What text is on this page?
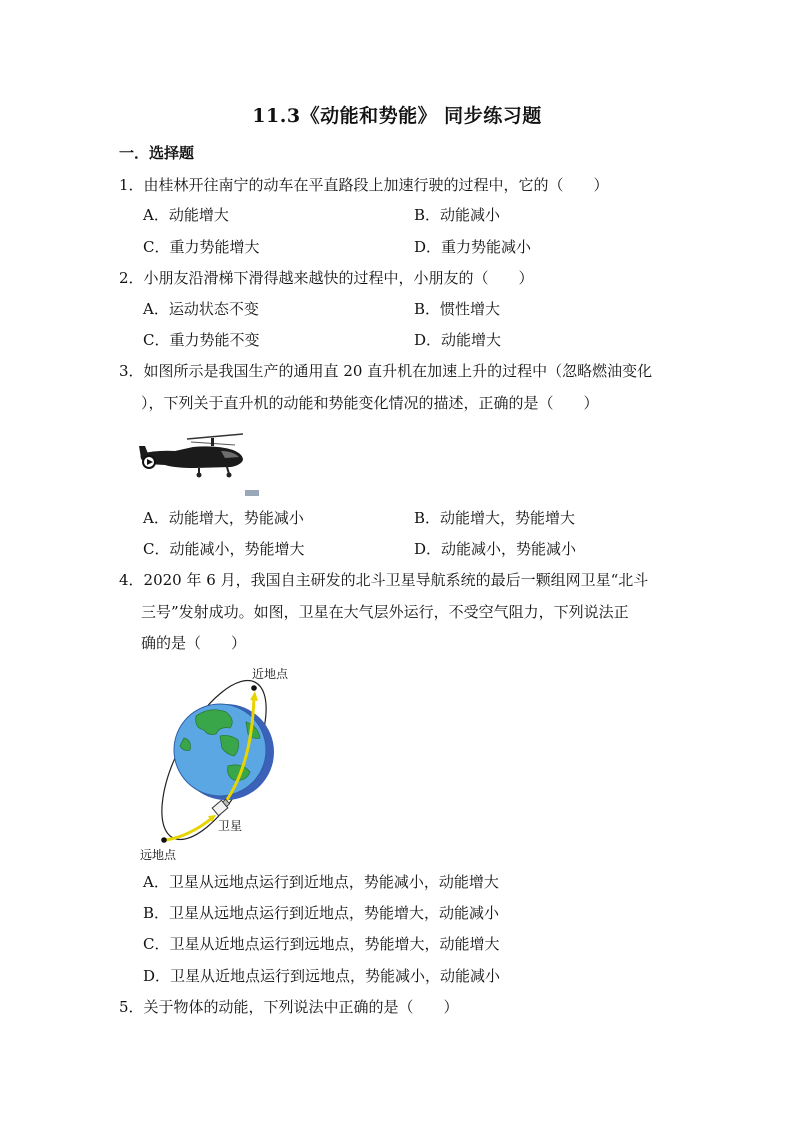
11.3《动能和势能》 同步练习题
一．选择题
1．由桂林开往南宁的动车在平直路段上加速行驶的过程中，它的（　　）
A．动能增大	B．动能减小
C．重力势能增大	D．重力势能减小
2．小朋友沿滑梯下滑得越来越快的过程中，小朋友的（　　）
A．运动状态不变	B．惯性增大
C．重力势能不变	D．动能增大
3．如图所示是我国生产的通用直 20 直升机在加速上升的过程中（忽略燃油变化
），下列关于直升机的动能和势能变化情况的描述，正确的是（　　）
A．动能增大，势能减小	B．动能增大，势能增大
C．动能减小，势能增大	D．动能减小，势能减小
4．2020 年 6 月，我国自主研发的北斗卫星导航系统的最后一颗组网卫星“北斗
三号”发射成功。如图，卫星在大气层外运行，不受空气阻力，下列说法正
确的是（　　）
近地点
卫星
远地点
A．卫星从远地点运行到近地点，势能减小，动能增大
B．卫星从远地点运行到近地点，势能增大，动能减小
C．卫星从近地点运行到远地点，势能增大，动能增大
D．卫星从近地点运行到远地点，势能减小，动能减小
5．关于物体的动能，下列说法中正确的是（　　）
